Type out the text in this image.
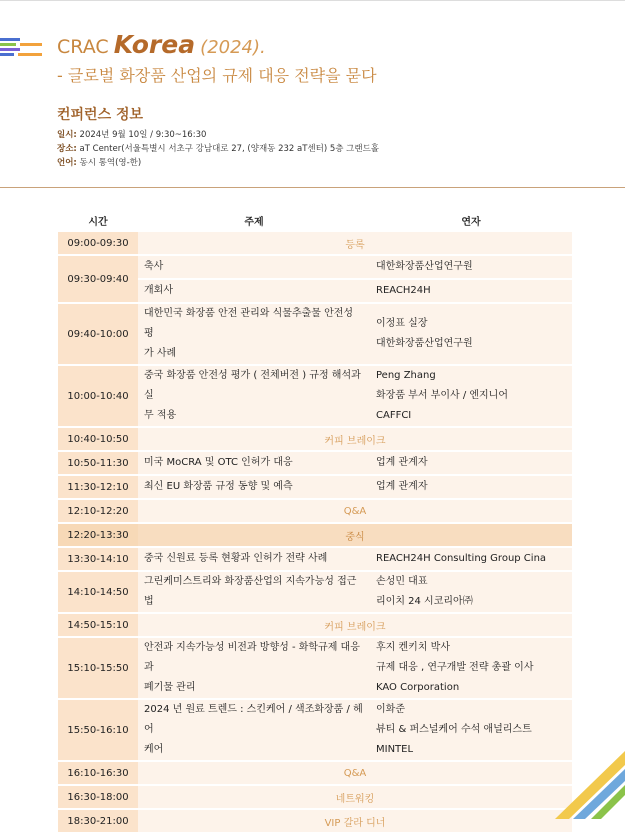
CRAC Korea (2024).
- 글로벌 화장품 산업의 규제 대응 전략을 묻다
컨퍼런스 정보
일시: 2024년 9월 10일 / 9:30~16:30
장소: aT Center(서울특별시 서초구 강남대로 27, (양재동 232 aT센터) 5층 그랜드홀
언어: 동시 통역(영-한)
시간	주제	연자
09:00-09:30	등록	
09:30-09:40	축사	대한화장품산업연구원

	개회사	REACH24H

09:40-10:00	대한민국 화장품 안전 관리와 식물추출물 안전성 평
가 사례	이정표 실장
대한화장품산업연구원

10:00-10:40	중국 화장품 안전성 평가 ( 전체버전 ) 규정 해석과 실
무 적용	Peng Zhang
화장품 부서 부이사 / 엔지니어
CAFFCI

10:40-10:50	커피 브레이크	
10:50-11:30	미국 MoCRA 및 OTC 인허가 대응	업계 관계자

11:30-12:10	최신 EU 화장품 규정 동향 및 예측	업계 관계자

12:10-12:20	Q&A	
12:20-13:30	중식	
13:30-14:10	중국 신원료 등록 현황과 인허가 전략 사례	REACH24H Consulting Group Cina

14:10-14:50	그린케미스트리와 화장품산업의 지속가능성 접근법	손성민 대표
리이치 24 시코리아㈜

14:50-15:10	커피 브레이크	
15:10-15:50	안전과 지속가능성 비전과 방향성 - 화학규제 대응과
폐기물 관리	후지 켄키치 박사
규제 대응 , 연구개발 전략 총괄 이사
KAO Corporation

15:50-16:10	2024 년 원료 트렌드 : 스킨케어 / 색조화장품 / 헤어
케어	이화준
뷰티 & 퍼스널케어 수석 애널리스트
MINTEL

16:10-16:30	Q&A	
16:30-18:00	네트워킹	
18:30-21:00	VIP 갈라 디너	
